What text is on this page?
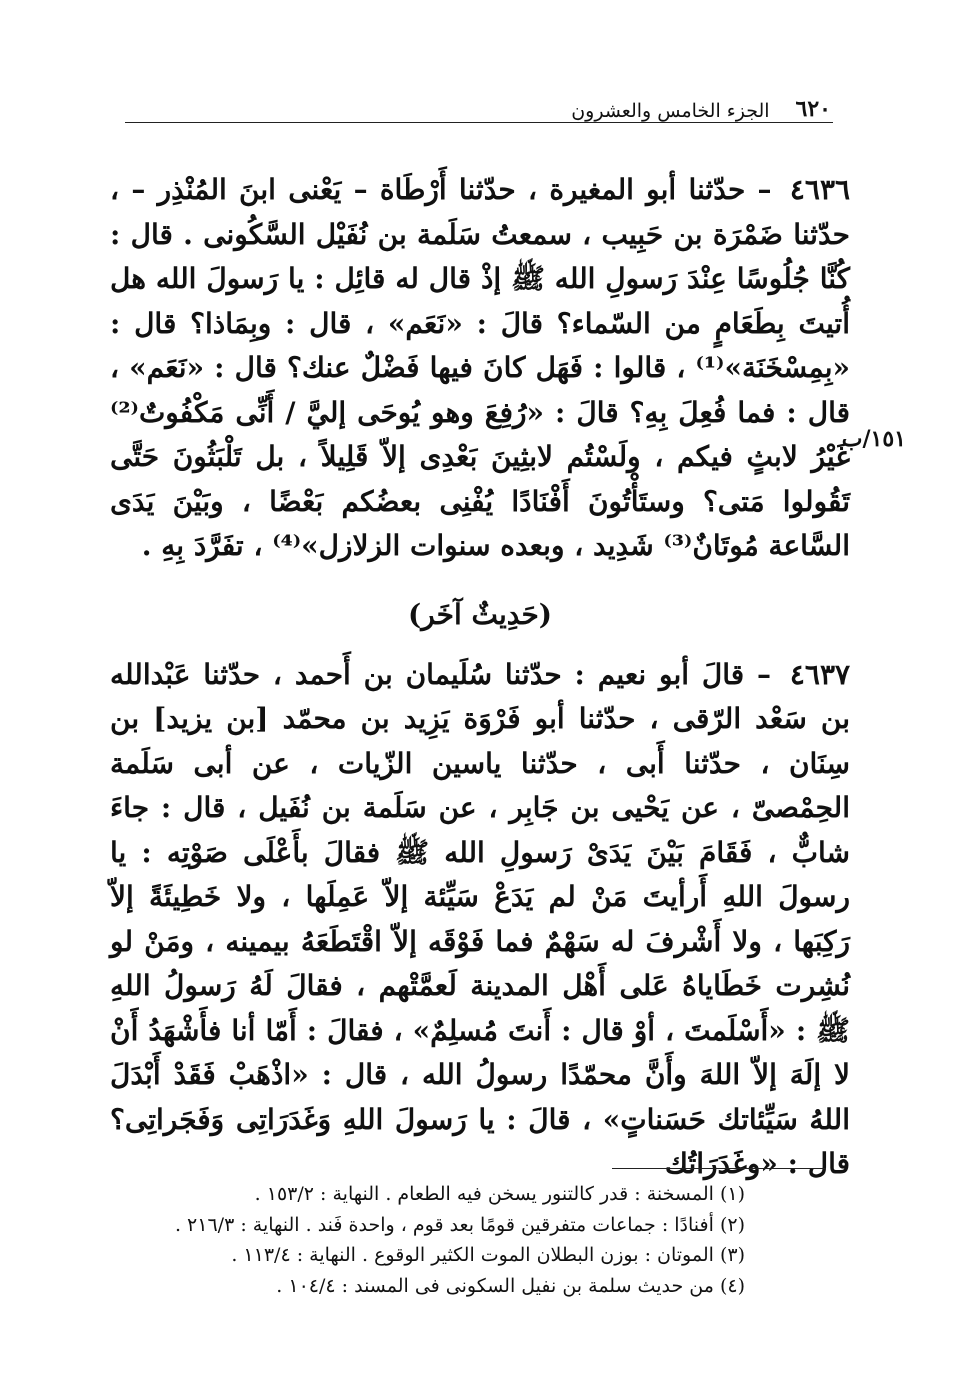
٦٢٠
الجزء الخامس والعشرون
١٥١/ب

٤٦٣٦ – حدّثنا أبو المغيرة ، حدّثنا أَرْطَاة – يَعْنى ابنَ المُنْذِر – ، حدّثنا ضَمْرَة بن حَبِيب ، سمعتُ سَلَمة بن نُفَيْل السَّكُونى . قال : كُنَّا جُلُوسًا عِنْدَ رَسولِ الله ﷺ إذْ قال له قائِل : يا رَسولَ الله هل أُتيتَ بِطَعَامٍ من السّماء؟ قالَ : «نَعَم» ، قال : وبِمَاذا؟ قال : «بِمِسْخَنَة»⁽¹⁾ ، قالوا : فَهَل كانَ فيها فَضْلٌ عنك؟ قال : «نَعَم» ، قال : فما فُعِلَ بِهِ؟ قالَ : «رُفِعَ وهو يُوحَى إليَّ / أَنِّى مَكْفُوتٌ⁽²⁾ غَيْرُ لابثٍ فيكم ، ولَسْتُم لابثِينَ بَعْدِى إلاّ قَلِيلاً ، بل تَلْبَثُونَ حَتَّى تَقُولوا مَتى؟ وستَأْتُونَ أَفْنَادًا يُفْنِى بعضُكم بَعْضًا ، وبَيْنَ يَدَى السَّاعة مُوتَانٌ⁽³⁾ شَدِيد ، وبعده سنوات الزلازل»⁽⁴⁾ ، تفَرَّدَ بِهِ .

(حَدِيثٌ آخَر)

٤٦٣٧ – قالَ أبو نعيم : حدّثنا سُلَيمان بن أَحمد ، حدّثنا عَبْدالله بن سَعْد الرّقى ، حدّثنا أبو فَرْوَة يَزِيد بن محمّد [بن يزيد] بن سِنَان ، حدّثنا أَبى ، حدّثنا ياسين الزّيات ، عن أبى سَلَمة الحِمْصىّ ، عن يَحْيى بن جَابِر ، عن سَلَمة بن نُفَيل ، قال : جاءَ شابٌّ ، فَقَامَ بَيْنَ يَدَىْ رَسولِ الله ﷺ فقالَ بأَعْلَى صَوْتِه : يا رسولَ اللهِ أَرأيتَ مَنْ لم يَدَعْ سَيِّئة إلاّ عَمِلَها ، ولا خَطِيئَةً إلاّ رَكِبَها ، ولا أَشْرفَ له سَهْمٌ فما فَوْقَه إلاّ اقْتَطَعَهُ بيمينه ، ومَنْ لو نُشِرت خَطَاياهُ عَلى أَهْل المدينة لَعمَّتْهم ، فقالَ لَهُ رَسولُ اللهِ ﷺ : «أَسْلَمتَ ، أوْ قال : أَنتَ مُسلِمٌ» ، فقالَ : أَمّا أنا فأَشْهَدُ أَنْ لا إلَهَ إلاّ اللهَ وأَنَّ محمّدًا رسولُ الله ، قال : «اذْهَبْ فَقَدْ أَبْدَلَ اللهُ سَيِّئاتك حَسَناتٍ» ، قالَ : يا رَسولَ اللهِ وَغَدَرَاتِى وَفَجَراتِى؟ قال : «وغَدَرَاتُك

(١) المسخنة : قدر كالتنور يسخن فيه الطعام . النهاية : ١٥٣/٢ .
(٢) أفنادًا : جماعات متفرقين قومًا بعد قوم ، واحدة فَند . النهاية : ٢١٦/٣ .
(٣) الموتان : بوزن البطلان الموت الكثير الوقوع . النهاية : ١١٣/٤ .
(٤) من حديث سلمة بن نفيل السكونى فى المسند : ١٠٤/٤ .
